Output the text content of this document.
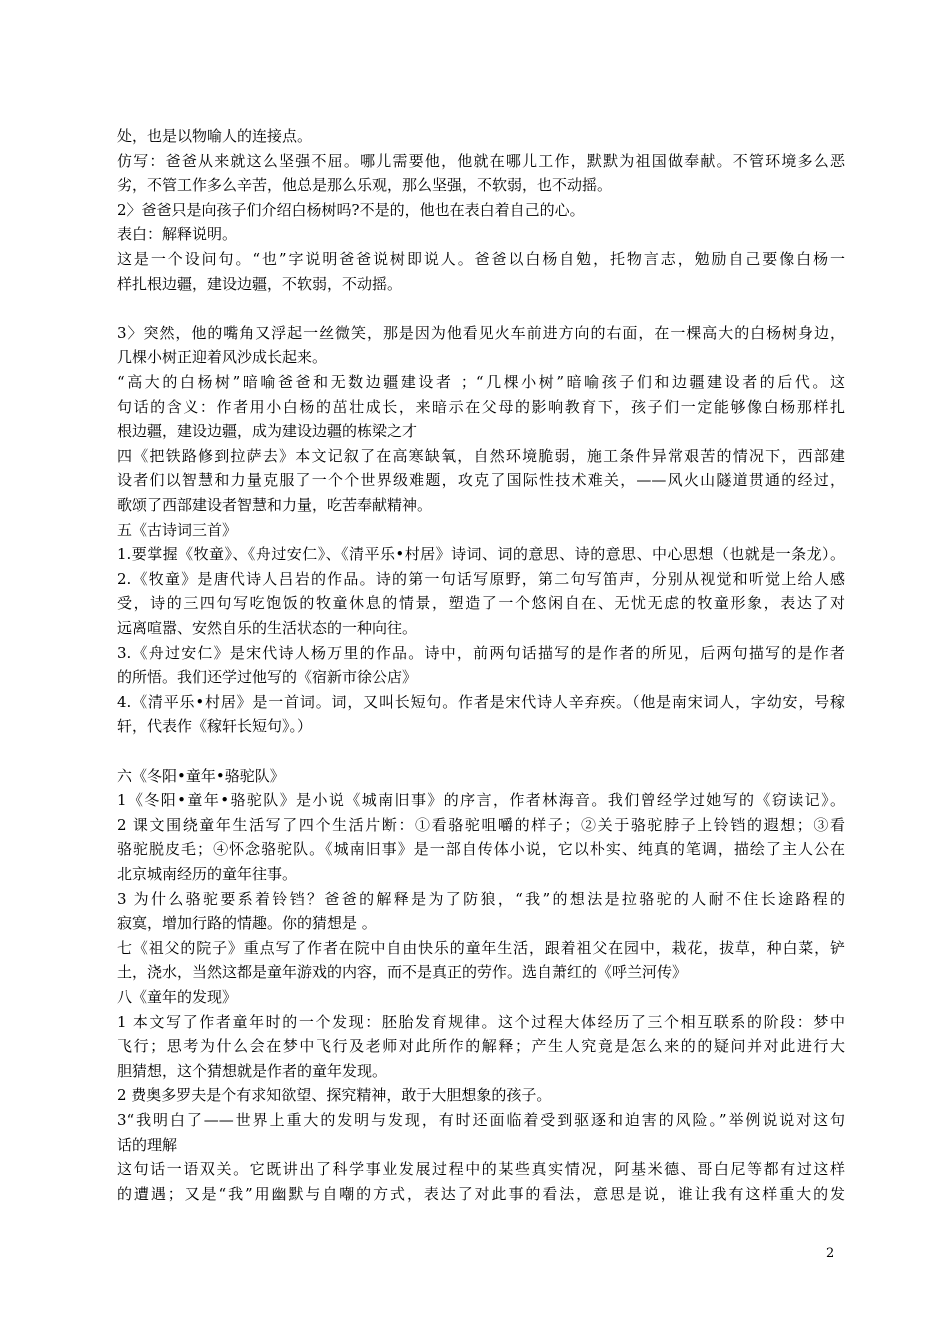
处，也是以物喻人的连接点。
仿写：爸爸从来就这么坚强不屈。哪儿需要他，他就在哪儿工作，默默为祖国做奉献。不管环境多么恶
劣，不管工作多么辛苦，他总是那么乐观，那么坚强，不软弱，也不动摇。
2〉爸爸只是向孩子们介绍白杨树吗?不是的，他也在表白着自己的心。
表白：解释说明。
这是一个设问句。“也”字说明爸爸说树即说人。爸爸以白杨自勉，托物言志，勉励自己要像白杨一
样扎根边疆，建设边疆，不软弱，不动摇。
3〉突然，他的嘴角又浮起一丝微笑，那是因为他看见火车前进方向的右面，在一棵高大的白杨树身边，
几棵小树正迎着风沙成长起来。
“高大的白杨树”暗喻爸爸和无数边疆建设者 ；“几棵小树”暗喻孩子们和边疆建设者的后代。这
句话的含义：作者用小白杨的茁壮成长，来暗示在父母的影响教育下，孩子们一定能够像白杨那样扎
根边疆，建设边疆，成为建设边疆的栋梁之才
四《把铁路修到拉萨去》本文记叙了在高寒缺氧，自然环境脆弱，施工条件异常艰苦的情况下，西部建
设者们以智慧和力量克服了一个个世界级难题，攻克了国际性技术难关，——风火山隧道贯通的经过，
歌颂了西部建设者智慧和力量，吃苦奉献精神。
五《古诗词三首》
1.要掌握《牧童》、《舟过安仁》、《清平乐•村居》诗词、词的意思、诗的意思、中心思想（也就是一条龙）。
2.《牧童》是唐代诗人吕岩的作品。诗的第一句话写原野，第二句写笛声，分别从视觉和听觉上给人感
受，诗的三四句写吃饱饭的牧童休息的情景，塑造了一个悠闲自在、无忧无虑的牧童形象，表达了对
远离喧嚣、安然自乐的生活状态的一种向往。
3.《舟过安仁》是宋代诗人杨万里的作品。诗中，前两句话描写的是作者的所见，后两句描写的是作者
的所悟。我们还学过他写的《宿新市徐公店》
4.《清平乐•村居》是一首词。词，又叫长短句。作者是宋代诗人辛弃疾。（他是南宋词人，字幼安，号稼
轩，代表作《稼轩长短句》。）
六《冬阳•童年•骆驼队》
1《冬阳•童年•骆驼队》是小说《城南旧事》的序言，作者林海音。我们曾经学过她写的《窃读记》。
2 课文围绕童年生活写了四个生活片断：①看骆驼咀嚼的样子；②关于骆驼脖子上铃铛的遐想；③看
骆驼脱皮毛；④怀念骆驼队。《城南旧事》是一部自传体小说，它以朴实、纯真的笔调，描绘了主人公在
北京城南经历的童年往事。
3 为什么骆驼要系着铃铛？爸爸的解释是为了防狼，“我”的想法是拉骆驼的人耐不住长途路程的
寂寞，增加行路的情趣。你的猜想是 。
七《祖父的院子》重点写了作者在院中自由快乐的童年生活，跟着祖父在园中，栽花，拔草，种白菜，铲
土，浇水，当然这都是童年游戏的内容，而不是真正的劳作。选自萧红的《呼兰河传》
八《童年的发现》
1 本文写了作者童年时的一个发现：胚胎发育规律。这个过程大体经历了三个相互联系的阶段：梦中
飞行；思考为什么会在梦中飞行及老师对此所作的解释；产生人究竟是怎么来的的疑问并对此进行大
胆猜想，这个猜想就是作者的童年发现。
2 费奥多罗夫是个有求知欲望、探究精神，敢于大胆想象的孩子。
3“我明白了——世界上重大的发明与发现，有时还面临着受到驱逐和迫害的风险。”举例说说对这句
话的理解
这句话一语双关。它既讲出了科学事业发展过程中的某些真实情况，阿基米德、哥白尼等都有过这样
的遭遇；又是“我”用幽默与自嘲的方式，表达了对此事的看法，意思是说，谁让我有这样重大的发
2
